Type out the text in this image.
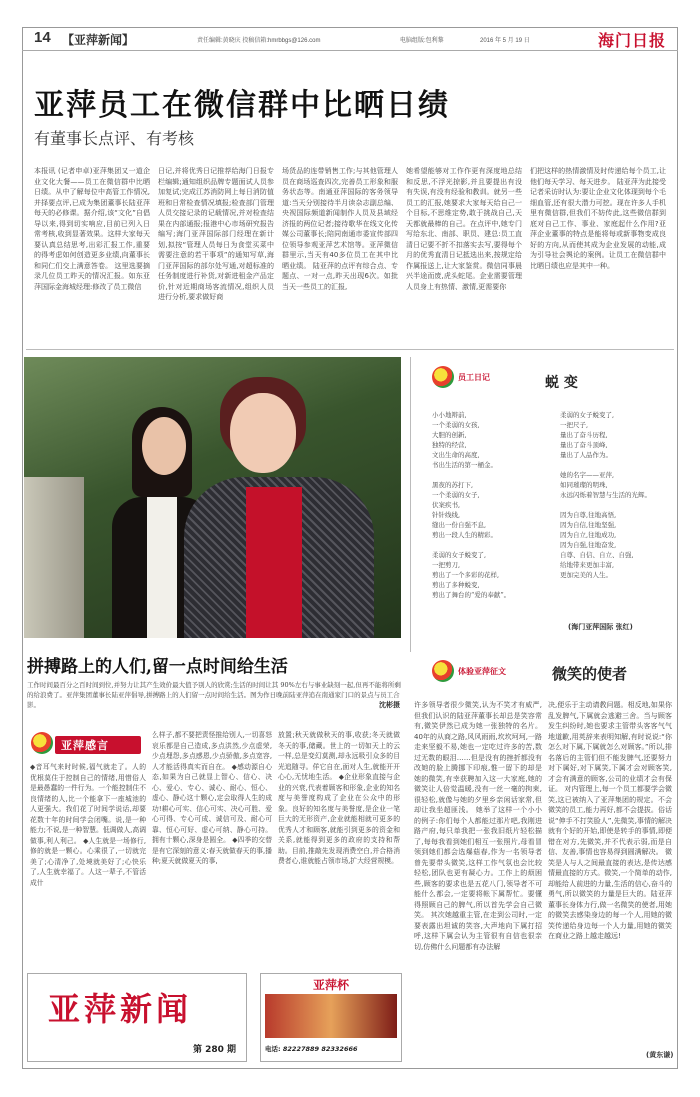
14 【亚萍新闻】	责任编辑:黄晓庆 投稿信箱:hmrbbgs@126.com	电脑组版:包利黎	2016 年 5 月 19 日	海门日报
亚萍员工在微信群中比晒日绩
有董事长点评、有考核
本报讯 (记者申卓)亚萍集团又一道企业文化大餐——员工在微信群中比晒日绩。从中了解每位中高管工作情况,并择要点评,已成为集团董事长陆亚萍每天的必修课。据介绍,该“文化”自倡导以来,得到切实响应,目前已列入日常考核,收到显著效果。这样大家每天要认真总结思考,出彩汇报工作,重要的得考虑如何创造更多业绩,向董事长和同仁们交上满意答卷。 这里选要摘录几位员工昨天的情况汇报。如东亚萍国际金海城经理:修改了员工微信
日记,并将优秀日记推荐给海门日报专栏编辑;通知组织品牌专题面试人员参加复试;完成江苏消防网上每日消防值班和日常检查情况填报;检查部门管理人员交接记录的记载情况,并对检查结果在内部通报;报港中心市场研究报告编写;海门亚萍国际部门经理在新计划,拟按“管理人员每日为食堂买菜中需要注意的若干事项”的通知写草,海门亚萍国际的部尔处写通,对超标准的任务制度进行补货,对新进租金产品定价,针对近期商场客流情况,组织人员进行分析,要求做好商
场货品的连带销售工作;与其他管理人员在商场巡查四次,完善员工形象和服务状态等。南通亚萍国际的客务领导道:当天分别接待半月读杂志副总编、央视国际频道新闻制作人员及县域经济报的两位记者;接待歌华在线文化传媒公司董事长;陪同南通市委宣传部四位领导参观亚萍艺术馆等。亚萍微信群里示,当天有40多位员工在其中比晒业绩。 陆亚萍的点评有综合点、专题点、一对一点,昨天出现6次。如批当天一些员工的汇报,
她希望能够对工作作更有深度地总结和反思,不浮光掠影,并且要提出有没有失误,有没有经验和教训。就另一些员工的汇报,她要求大家每天给自己一个目标,不思维定势,敢于挑战自己,天天都就最棒的自己。在点评中,她专门写给东北、南部、职员、建总:员工直清日记要不折不扣落实去写,要得每个月的优秀直清日记抵选出来,按规定给作属报送上,让大家鉴赏。微信同事晨兴半途而废,虎头蛇尾。企业需要管理人员身上有热情、激情,更需要你
们把这样的热情激情及时传递给每个员工,让他们每天学习、每天进步。 陆亚萍为此接受记者采访时认为:要让企业文化体现到每个毛细血管,还有很大潜力可挖。现在许多人手机里有微信群,但我们不妨传此,这些微信群到底对自己工作、事业、家庭起什么作用?亚萍企业董事的特点是能将每或新事物变成良好的方向,从而使其成为企业发展的动能,成为引导社会舆论的案例。让员工在微信群中比晒日绩也应是其中一种。
拼搏路上的人们,留一点时间给生活
工作时间最百分之百时间到位,并努力让其产生效价最大值予别人的欣赏;生活的时间让其 90%左右与事业缺刻一起,但再不能将所剩的给浪费了。亚萍集团董事长陆亚萍倡导,拼搏路上的人们留一点时间给生活。图为作日晚前陆亚萍追在南通家门口的景点与员工合影。	沈彬摄
员工日记	蜕 变
小小地辩前,
一个柔弱的女孩,
大胆的创新,
独特的经营,
文出生命的高度,
书出生活的第一桶金。

黑夜的苏打下,
一个柔弱的女子,
伏案疾书,
针针线线,
缝出一份自强不息,
剪出一段人生的精彩。

柔弱的女子蜕变了,
一把剪刀,
剪出了一个多彩的花样,
剪出了多种蜕变,
剪出了舞台的“爱的奉献”。
柔弱的女子蜕变了,
一把尺子,
量出了奋斗历程,
量出了奋斗顶峰,
量出了人品作为。

她的名字——亚萍,
如同璀璨的明珠,
永远闪烁着智慧与生活的光辉。

因为自尊,往地高悟,
因为自信,往地坚强,
因为自立,往地成功,
因为自强,往地奋发,
自尊、自信、自立、自强,
给地带来更加丰富,
更加完美的人生。
(海门亚萍国际 张红)
体验亚萍征文	微笑的使者
许多领导者很少微笑,认为不笑才有威严,但我们认识的陆亚萍董事长却总是笑容常有,微笑伊然已成为她一张独特的名片。40年的从商之路,风风雨雨,坎坎坷坷,一路走来坚毅不易,她也一定吃过许多的苦,数过无数的眼泪……但是没有的挫折都没有改她的脸上腾挪下印痕,惟一留下的却是她的微笑,有幸获聘加入这一大家庭,她的微笑让人倍觉温暖,没有一丝一毫的拘束,很轻松,就像与她的夕里乡亲闲话家常,但却让我坐超匪浅。 她举了这样一个小小的例子:你们每个人都能过那片吧,我刚进路产府,每只单我把一张我旧纸片轻松描了,每每我看到她们相互一张照片,母看冒领到她们都会选爆菇春,作为一名领导者曾先要带头微笑,这样工作气氛也会比较轻松,团队也更有凝心力。工作上的烦困些,顾客的要求也是五花八门,领导者不可能什么都会,一定要将帐下属帮忙。要懂得照顾自己的脾气,所以首先学会自己微笑。 其次她越重主管,在走到公司时,一定要表露出坦诚的笑容,大声地向下属打招呼,这样下属会认为主管很有自信也很亲切,仿佛什么问题都有办法解
决,便乐于主动请教问题。相反地,如果你乱发脾气,下属就会逃避三舍。当与顾客发生纠纷时,她也要求主管带头客客气气地道歉,用英辞来表明知解,有时说说:“你怎么对下属,下属就怎么对顾客。”所以,排名落后的主管们但不能发脾气,还要努力对下属好,对下属笑,下属才会对顾客笑,才会有满意的顾客,公司的业绩才会有保证。 对内管理上,每一个员工都要学会微笑,这已被纳入了亚萍集团的规定。不会微笑的员工,能力再好,都不会提拔。俗话说“伸手不打笑脸人”,先微笑,事情的解决就有个好的开始,即使是转手的事情,即便错在对方,先微笑,并不代表示弱,而是自信、友善,事情也容易得到圆满解决。 微笑是人与人之间最直接的表达,是传达感情最直接的方式。微笑,一个简单的动作,却能给人前进的力量,生活的信心,奋斗的勇气,所以微笑的力量是巨大的。陆亚萍董事长身体力行,做一名微笑的使者,用她的微笑去感染身边的每一个人,用她的微笑传递给身边每一个人力量,用她的微笑在商业之路上越走越远!
(黄东谦)
亚萍感言
◆音耳气来时时候,福气就走了。人的优根莫住于控制自己的情绪,用惜俗人是最愚蠢的一件行为。一个能控制住不良情绪的人,比一个能拿下一座城池的人更强大。我们花了时间学说话,却要花数十年的时间学会闭嘴。说,是一种能力;不说,是一种智慧。低调做人,高调做事,利人利己。 ◆人生就是一场修行,修的就是一颗心。心乘很了,一切就完美了;心清净了,处境就美好了;心快乐了,人生就幸福了。人这一辈子,不管活成什
么样子,都不要把责怪推给别人,一切喜怒哀乐都是自己造成,多点洪然,少点虚荣,少点埋怨,多点感恩,少点骄傲,多点宽容,人才能活得真实而自在。 ◆感动源自心态,如果为自己就显上智心、信心、决心、爱心、专心、诚心、耐心、恒心、虚心、静心这十颗心,定会取得人生的成功!耕心可实、信心可实、决心可胜、爱心可得、专心可成、诚信可及、耐心可靠、恒心可好、虚心可纳、静心可持。拥有十颗心,深身是圆全。 ◆四季的交替是有它深刻的意义:春天就做春天的事,播种;夏天就做夏天的事,
放置;秋天就做秋天的事,收获;冬天就做冬天的事,储藏。世上的一切如天上的云一样,总是变幻莫测,却永远吸引众多的目光追随寻。佯它自在,面对人生,就能开开心心,无忧地生活。 ◆企业形象直接与企业的兴衰,代表着顾客和形象,企业的知名度与美誉度构成了企业在公众中的形象。良好的知名度与美誉度,是企业一笔巨大的无形资产,企业就能相就可更多的优秀人才和顾客,就能引到更多的资金和关系,就能得到更多的政府的支持和帮助。目前,推敲先发现消费空白,并合格消费者心,谁就能占领市场,扩大经营规模。
亚萍新闻
第 280 期
亚萍杯
电话: 82227889 82332666
